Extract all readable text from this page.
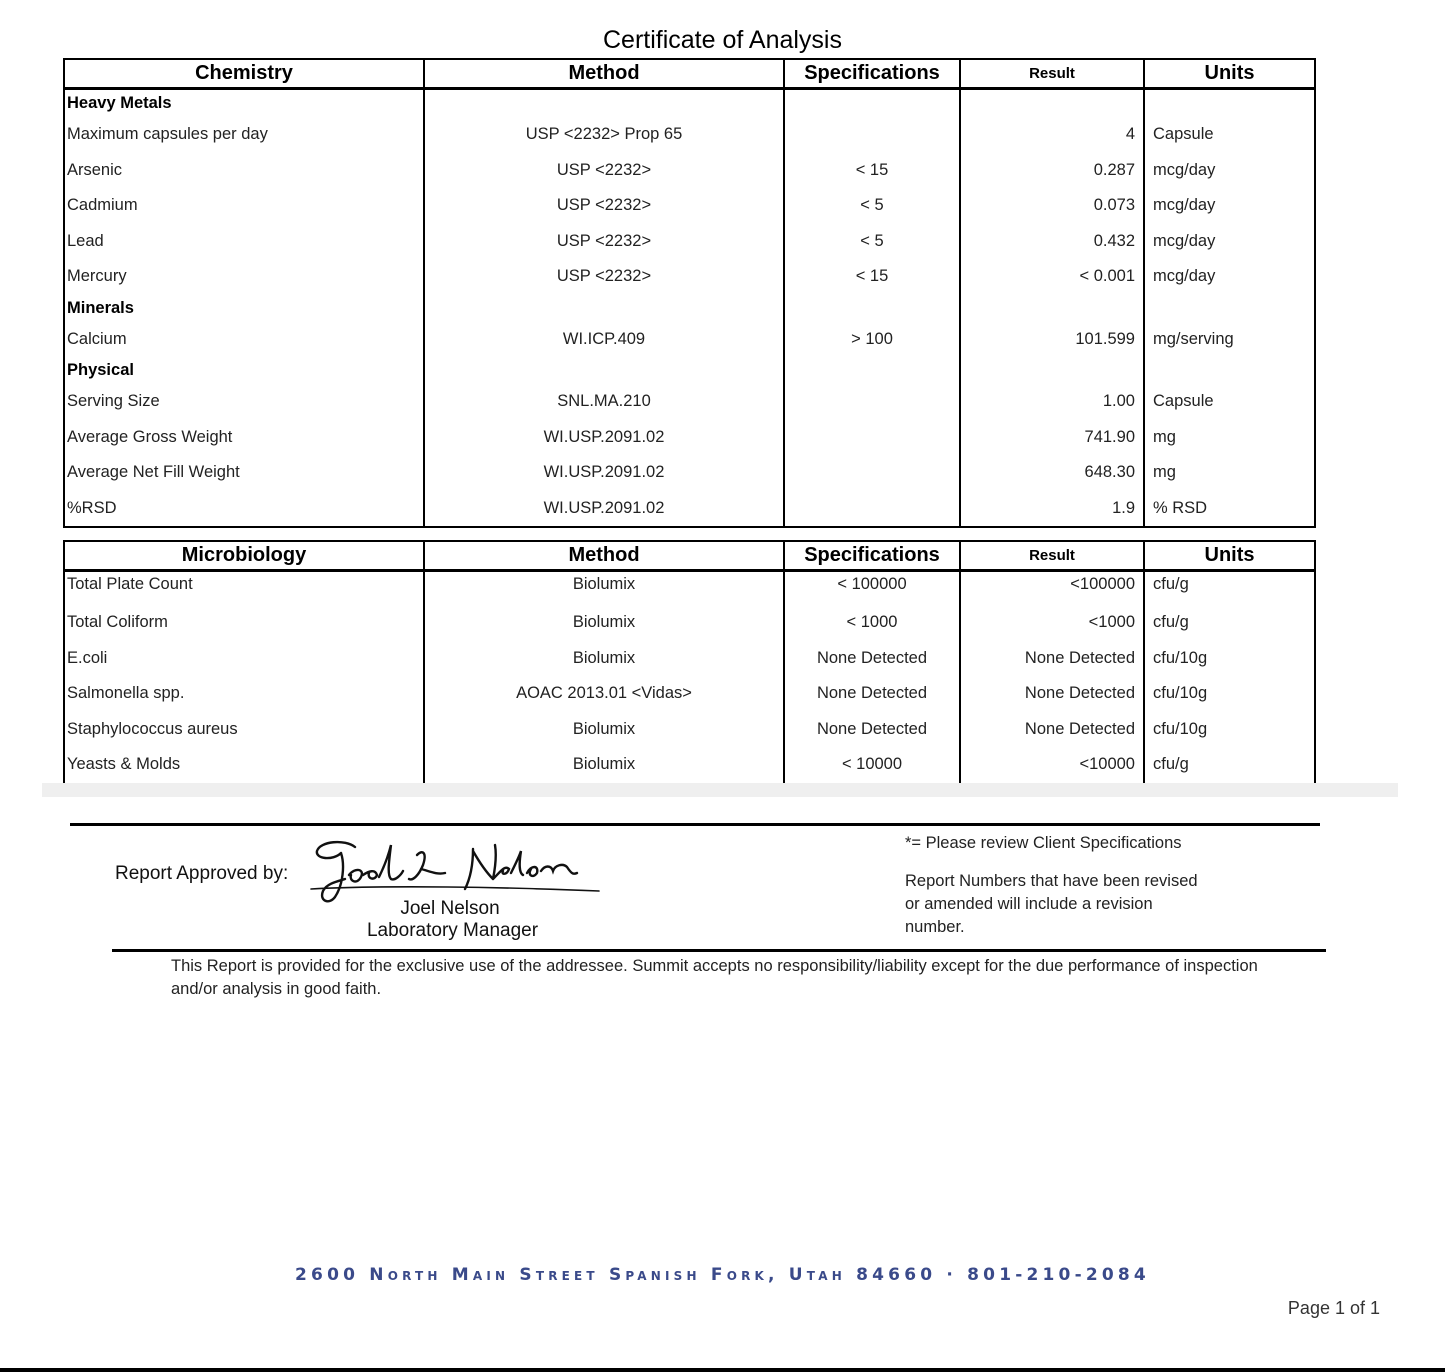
Certificate of Analysis
Chemistry	Method	Specifications	Result	Units
Heavy Metals				
Maximum capsules per day	USP <2232> Prop 65		4	Capsule
Arsenic	USP <2232>	< 15	0.287	mcg/day
Cadmium	USP <2232>	< 5	0.073	mcg/day
Lead	USP <2232>	< 5	0.432	mcg/day
Mercury	USP <2232>	< 15	< 0.001	mcg/day
Minerals				
Calcium	WI.ICP.409	> 100	101.599	mg/serving
Physical				
Serving Size	SNL.MA.210		1.00	Capsule
Average Gross Weight	WI.USP.2091.02		741.90	mg
Average Net Fill Weight	WI.USP.2091.02		648.30	mg
%RSD	WI.USP.2091.02		1.9	% RSD
Microbiology	Method	Specifications	Result	Units
Total Plate Count	Biolumix	< 100000	<100000	cfu/g
Total Coliform	Biolumix	< 1000	<1000	cfu/g
E.coli	Biolumix	None Detected	None Detected	cfu/10g
Salmonella spp.	AOAC 2013.01 <Vidas>	None Detected	None Detected	cfu/10g
Staphylococcus aureus	Biolumix	None Detected	None Detected	cfu/10g
Yeasts & Molds	Biolumix	< 10000	<10000	cfu/g
Report Approved by:
Joel Nelson
Laboratory Manager
*= Please review Client Specifications
Report Numbers that have been revised or amended will include a revision number.
This Report is provided for the exclusive use of the addressee. Summit accepts no responsibility/liability except for the due performance of inspection and/or analysis in good faith.
2600 North Main Street Spanish Fork, Utah 84660 · 801-210-2084
Page 1 of 1
